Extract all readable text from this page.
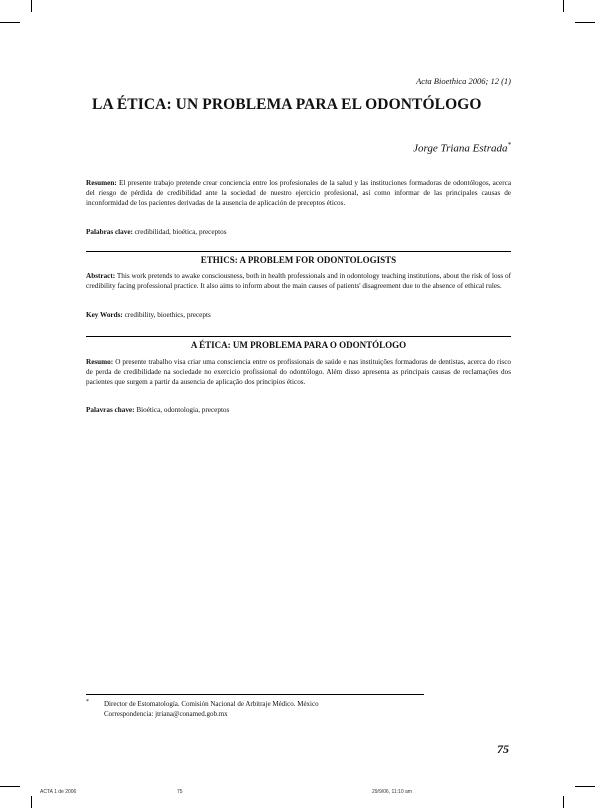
Acta Bioethica 2006; 12 (1)
LA ÉTICA: UN PROBLEMA PARA EL ODONTÓLOGO
Jorge Triana Estrada*
Resumen: El presente trabajo pretende crear conciencia entre los profesionales de la salud y las instituciones formadoras de odontólogos, acerca del riesgo de pérdida de credibilidad ante la sociedad de nuestro ejercicio profesional, así como informar de las principales causas de inconformidad de los pacientes derivadas de la ausencia de aplicación de preceptos éticos.
Palabras clave: credibilidad, bioética, preceptos
ETHICS: A PROBLEM FOR ODONTOLOGISTS
Abstract: This work pretends to awake consciousness, both in health professionals and in odontology teaching institutions, about the risk of loss of credibility facing professional practice. It also aims to inform about the main causes of patients' disagreement due to the absence of ethical rules.
Key Words: credibility, bioethics, precepts
A ÉTICA: UM PROBLEMA PARA O ODONTÓLOGO
Resumo: O presente trabalho visa criar uma consciencia entre os profissionais de saúde e nas instituições formadoras de dentistas, acerca do risco de perda de credibilidade na sociedade no exercicio profissional do odontólogo. Além disso apresenta as principais causas de reclamações dos pacientes que surgem a partir da ausencia de aplicação dos principios éticos.
Palavras chave: Bioética, odontologia, preceptos
*	Director de Estomatología. Comisión Nacional de Arbitraje Médico. México
Correspondencia: jtriana@conamed.gob.mx
75
ACTA 1 de 2006	75	29/9/06, 11:10 am
